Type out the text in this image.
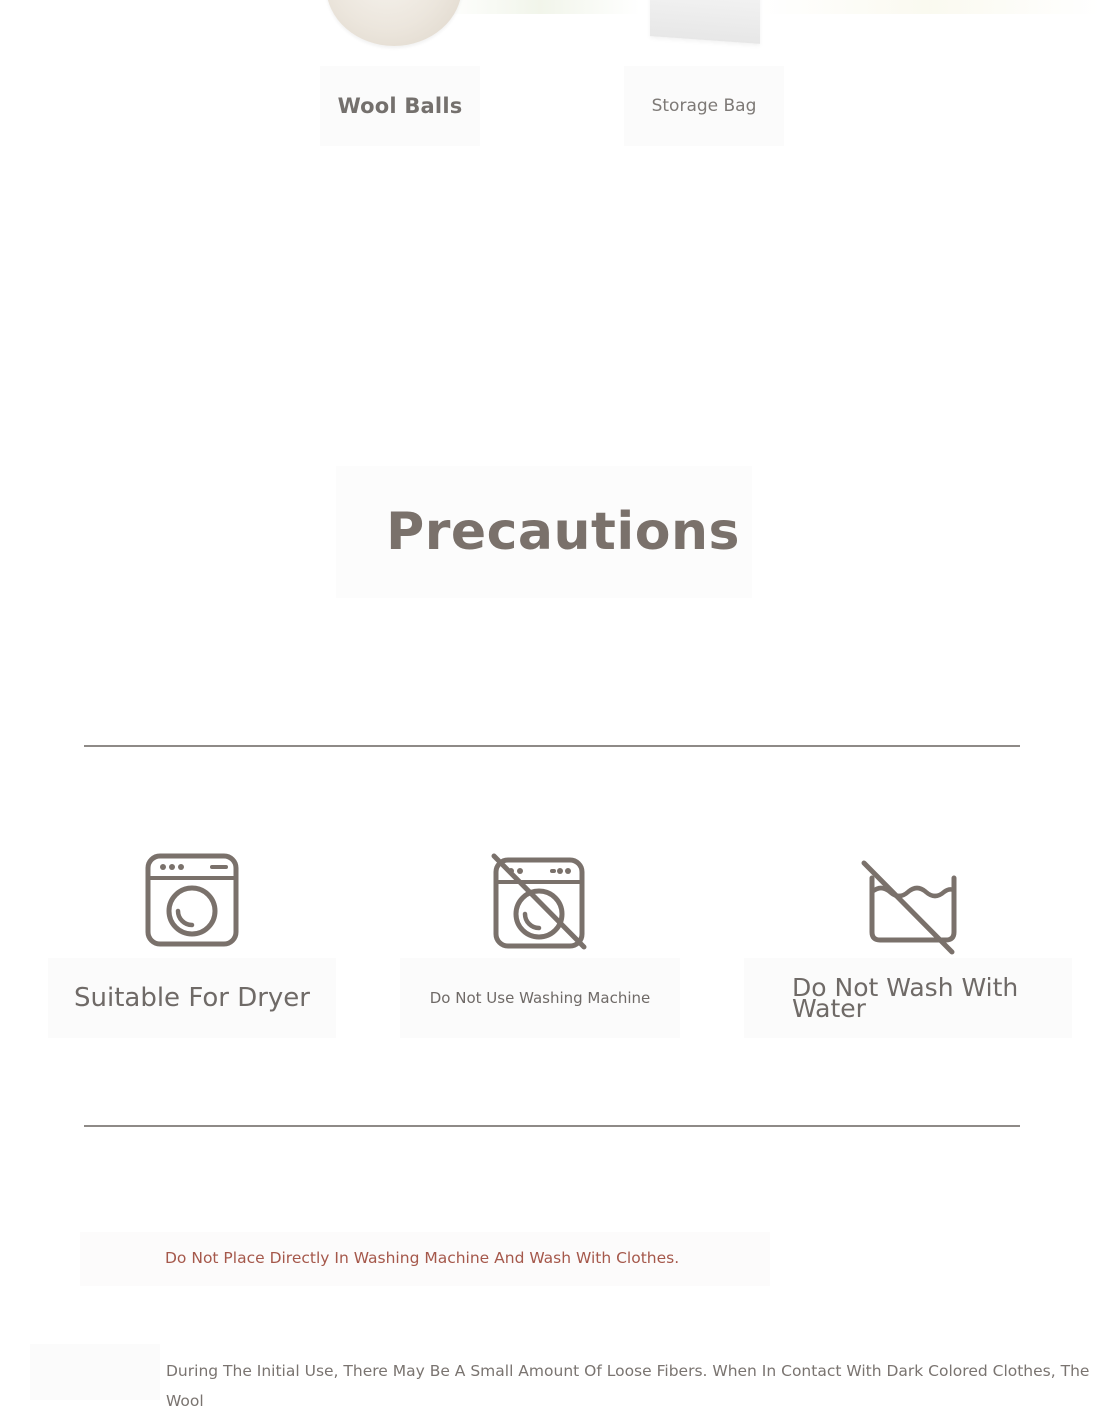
Wool Balls	Storage Bag
Precautions
Suitable For Dryer	Do Not Use Washing Machine	Do Not Wash With Water
Do Not Place Directly In Washing Machine And Wash With Clothes.
During The Initial Use, There May Be A Small Amount Of Loose Fibers. When In Contact With Dark Colored Clothes, The Wool
